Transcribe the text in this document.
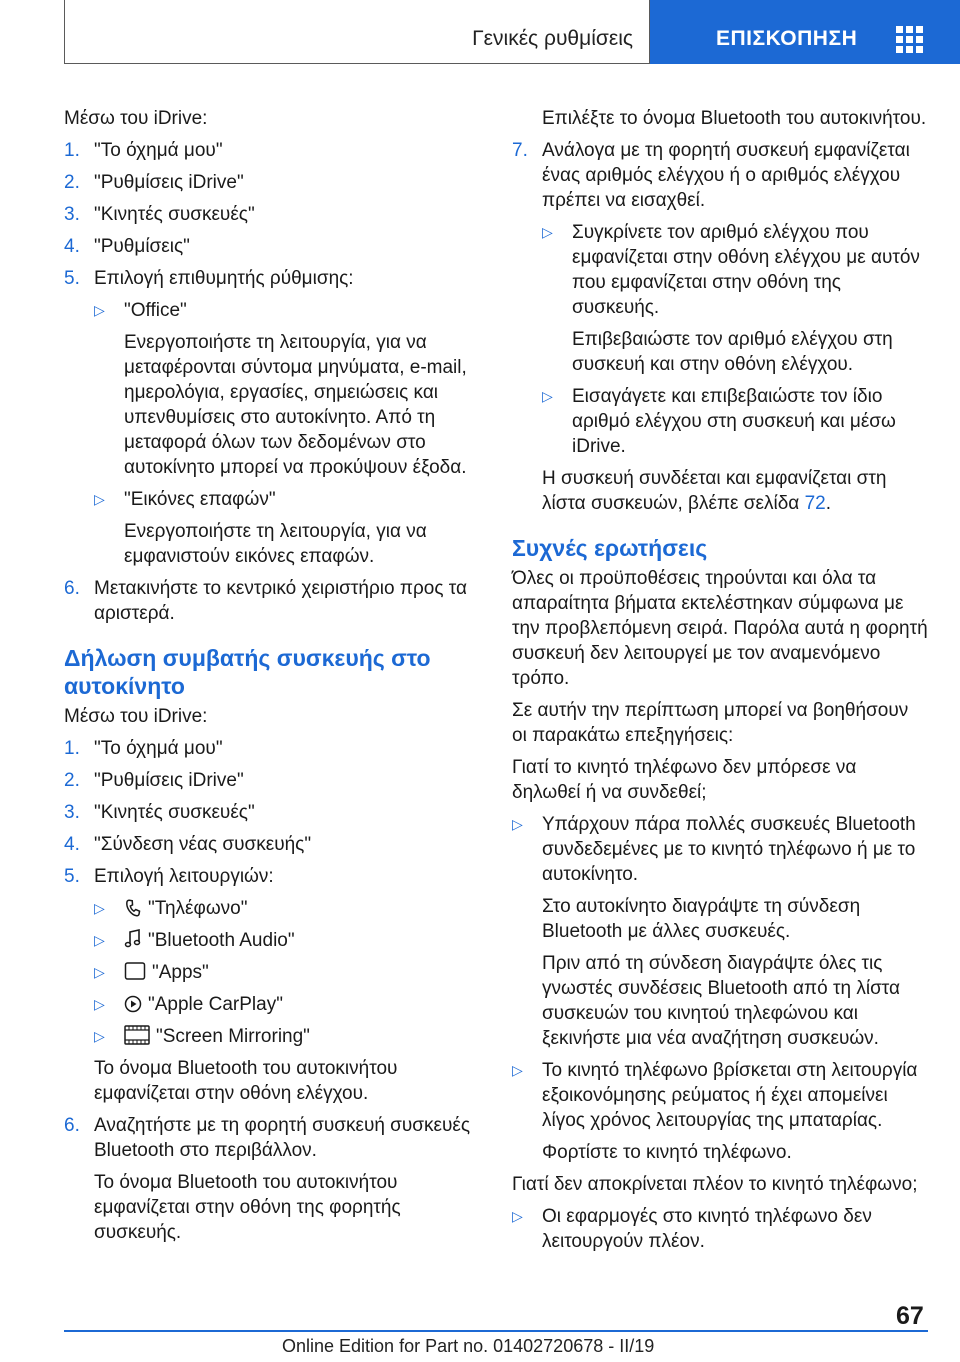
Γενικές ρυθμίσεις	ΕΠΙΣΚΟΠΗΣΗ
Μέσω του iDrive:
1. "Το όχημά μου"
2. "Ρυθμίσεις iDrive"
3. "Κινητές συσκευές"
4. "Ρυθμίσεις"
5. Επιλογή επιθυμητής ρύθμισης:
▷ "Office"
Ενεργοποιήστε τη λειτουργία, για να μεταφέρονται σύντομα μηνύματα, e-mail, ημερολόγια, εργασίες, σημειώσεις και υπενθυμίσεις στο αυτοκίνητο. Από τη μεταφορά όλων των δεδομένων στο αυτοκίνητο μπορεί να προκύψουν έξοδα.
▷ "Εικόνες επαφών"
Ενεργοποιήστε τη λειτουργία, για να εμφανιστούν εικόνες επαφών.
6. Μετακινήστε το κεντρικό χειριστήριο προς τα αριστερά.
Δήλωση συμβατής συσκευής στο αυτοκίνητο
Μέσω του iDrive:
1. "Το όχημά μου"
2. "Ρυθμίσεις iDrive"
3. "Κινητές συσκευές"
4. "Σύνδεση νέας συσκευής"
5. Επιλογή λειτουργιών:
▷ "Τηλέφωνο"
▷ "Bluetooth Audio"
▷ "Apps"
▷ "Apple CarPlay"
▷	"Screen Mirroring"
Το όνομα Bluetooth του αυτοκινήτου εμφανίζεται στην οθόνη ελέγχου.
6. Αναζητήστε με τη φορητή συσκευή συσκευές Bluetooth στο περιβάλλον.
Το όνομα Bluetooth του αυτοκινήτου εμφανίζεται στην οθόνη της φορητής συσκευής.
Επιλέξτε το όνομα Bluetooth του αυτοκινήτου.
7. Ανάλογα με τη φορητή συσκευή εμφανίζεται ένας αριθμός ελέγχου ή ο αριθμός ελέγχου πρέπει να εισαχθεί.
▷ Συγκρίνετε τον αριθμό ελέγχου που εμφανίζεται στην οθόνη ελέγχου με αυτόν που εμφανίζεται στην οθόνη της συσκευής.
Επιβεβαιώστε τον αριθμό ελέγχου στη συσκευή και στην οθόνη ελέγχου.
▷ Εισαγάγετε και επιβεβαιώστε τον ίδιο αριθμό ελέγχου στη συσκευή και μέσω iDrive.
Η συσκευή συνδέεται και εμφανίζεται στη λίστα συσκευών, βλέπε σελίδα 72.
Συχνές ερωτήσεις
Όλες οι προϋποθέσεις τηρούνται και όλα τα απαραίτητα βήματα εκτελέστηκαν σύμφωνα με την προβλεπόμενη σειρά. Παρόλα αυτά η φορητή συσκευή δεν λειτουργεί με τον αναμενόμενο τρόπο.
Σε αυτήν την περίπτωση μπορεί να βοηθήσουν οι παρακάτω επεξηγήσεις:
Γιατί το κινητό τηλέφωνο δεν μπόρεσε να δηλωθεί ή να συνδεθεί;
▷ Υπάρχουν πάρα πολλές συσκευές Bluetooth συνδεδεμένες με το κινητό τηλέφωνο ή με το αυτοκίνητο.
Στο αυτοκίνητο διαγράψτε τη σύνδεση Bluetooth με άλλες συσκευές.
Πριν από τη σύνδεση διαγράψτε όλες τις γνωστές συνδέσεις Bluetooth από τη λίστα συσκευών του κινητού τηλεφώνου και ξεκινήστε μια νέα αναζήτηση συσκευών.
▷ Το κινητό τηλέφωνο βρίσκεται στη λειτουργία εξοικονόμησης ρεύματος ή έχει απομείνει λίγος χρόνος λειτουργίας της μπαταρίας.
Φορτίστε το κινητό τηλέφωνο.
Γιατί δεν αποκρίνεται πλέον το κινητό τηλέφωνο;
▷ Οι εφαρμογές στο κινητό τηλέφωνο δεν λειτουργούν πλέον.
67
Online Edition for Part no. 01402720678 - II/19
